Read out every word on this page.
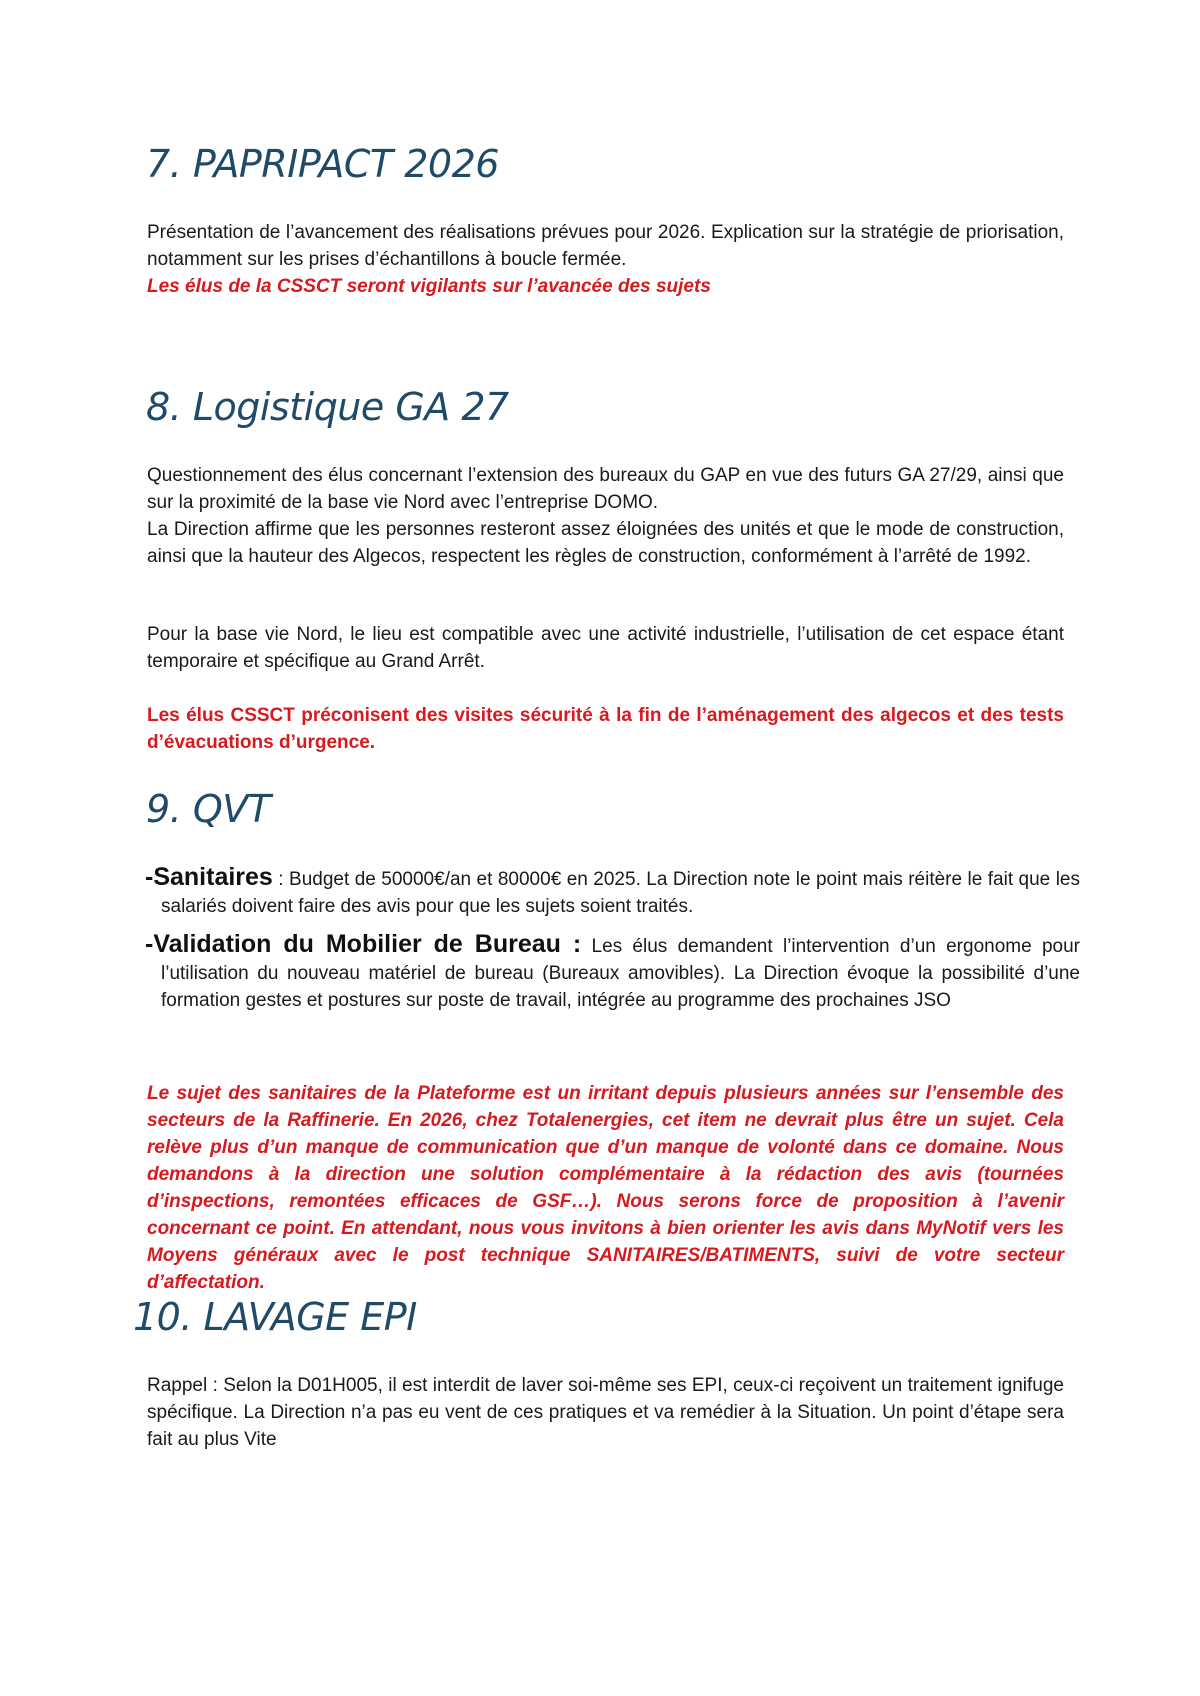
7. PAPRIPACT 2026

Présentation de l’avancement des réalisations prévues pour 2026. Explication sur la stratégie de priorisation, notamment sur les prises d’échantillons à boucle fermée.

Les élus de la CSSCT seront vigilants sur l’avancée des sujets

8. Logistique GA 27

Questionnement des élus concernant l’extension des bureaux du GAP en vue des futurs GA 27/29, ainsi que sur la proximité de la base vie Nord avec l’entreprise DOMO.

La Direction affirme que les personnes resteront assez éloignées des unités et que le mode de construction, ainsi que la hauteur des Algecos, respectent les règles de construction, conformément à l’arrêté de 1992.

Pour la base vie Nord, le lieu est compatible avec une activité industrielle, l’utilisation de cet espace étant temporaire et spécifique au Grand Arrêt.

Les élus CSSCT préconisent des visites sécurité à la fin de l’aménagement des algecos et des tests d’évacuations d’urgence.

9. QVT

-Sanitaires : Budget de 50000€/an et 80000€ en 2025. La Direction note le point mais réitère le fait que les salariés doivent faire des avis pour que les sujets soient traités.

-Validation du Mobilier de Bureau : Les élus demandent l’intervention d’un ergonome pour l’utilisation du nouveau matériel de bureau (Bureaux amovibles). La Direction évoque la possibilité d’une formation gestes et postures sur poste de travail, intégrée au programme des prochaines JSO

Le sujet des sanitaires de la Plateforme est un irritant depuis plusieurs années sur l’ensemble des secteurs de la Raffinerie. En 2026, chez Totalenergies, cet item ne devrait plus être un sujet. Cela relève plus d’un manque de communication que d’un manque de volonté dans ce domaine. Nous demandons à la direction une solution complémentaire à la rédaction des avis (tournées d’inspections, remontées efficaces de GSF…). Nous serons force de proposition à l’avenir concernant ce point. En attendant, nous vous invitons à bien orienter les avis dans MyNotif vers les Moyens généraux avec le post technique SANITAIRES/BATIMENTS, suivi de votre secteur d’affectation.

10. LAVAGE EPI

Rappel : Selon la D01H005, il est interdit de laver soi-même ses EPI, ceux-ci reçoivent un traitement ignifuge spécifique. La Direction n’a pas eu vent de ces pratiques et va remédier à la Situation. Un point d’étape sera fait au plus Vite
